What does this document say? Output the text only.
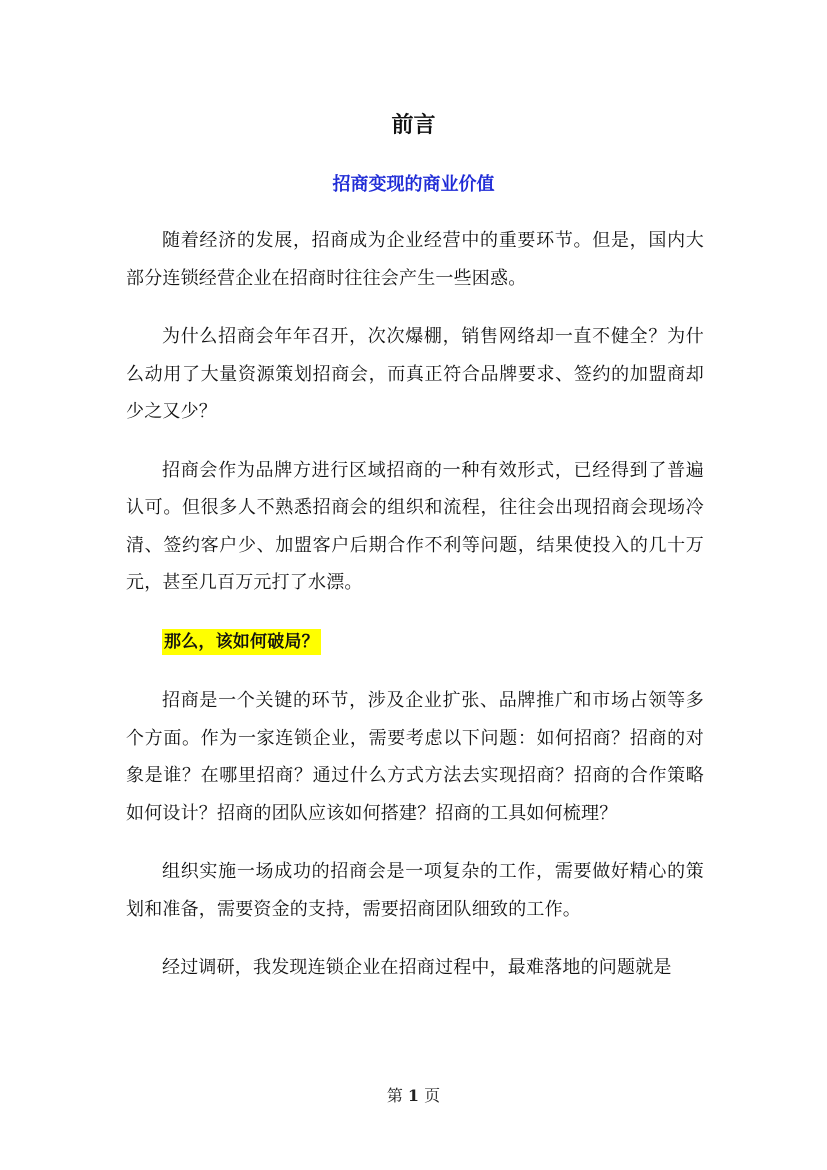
前言
招商变现的商业价值

随着经济的发展，招商成为企业经营中的重要环节。但是，国内大部分连锁经营企业在招商时往往会产生一些困惑。

为什么招商会年年召开，次次爆棚，销售网络却一直不健全？为什么动用了大量资源策划招商会，而真正符合品牌要求、签约的加盟商却少之又少？

招商会作为品牌方进行区域招商的一种有效形式，已经得到了普遍认可。但很多人不熟悉招商会的组织和流程，往往会出现招商会现场冷清、签约客户少、加盟客户后期合作不利等问题，结果使投入的几十万元，甚至几百万元打了水漂。

那么，该如何破局？

招商是一个关键的环节，涉及企业扩张、品牌推广和市场占领等多个方面。作为一家连锁企业，需要考虑以下问题：如何招商？招商的对象是谁？在哪里招商？通过什么方式方法去实现招商？招商的合作策略如何设计？招商的团队应该如何搭建？招商的工具如何梳理？

组织实施一场成功的招商会是一项复杂的工作，需要做好精心的策划和准备，需要资金的支持，需要招商团队细致的工作。

经过调研，我发现连锁企业在招商过程中，最难落地的问题就是

第 1 页
